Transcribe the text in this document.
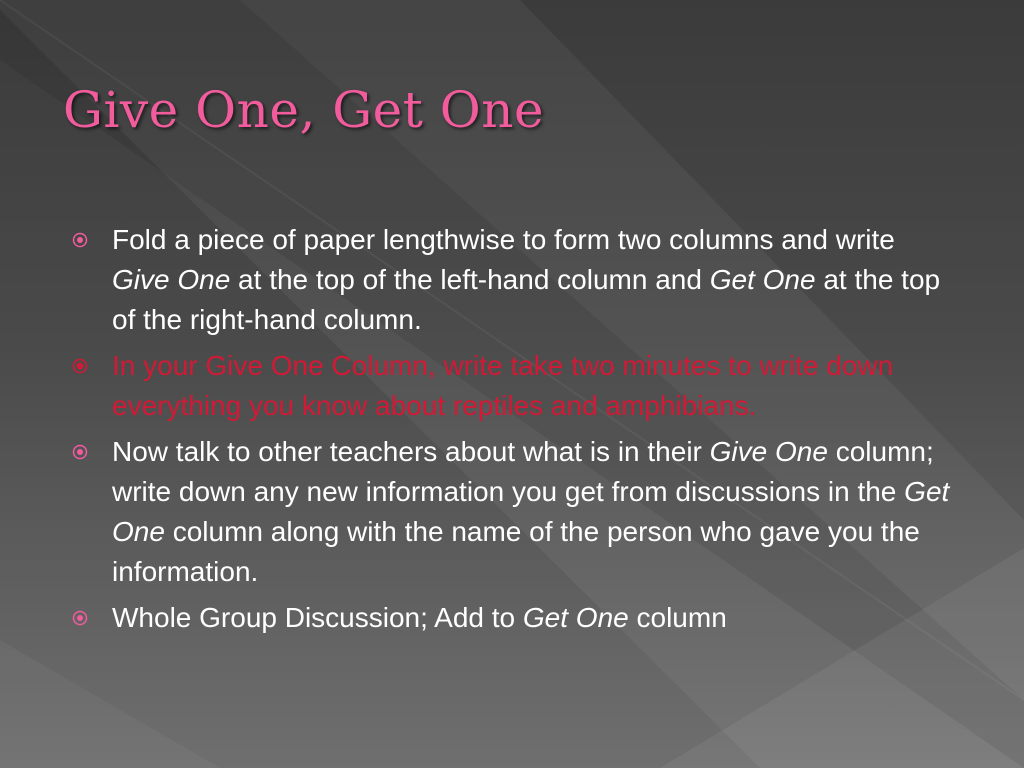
Give One, Get One
Fold a piece of paper lengthwise to form two columns and write Give One at the top of the left-hand column and Get One at the top of the right-hand column.
In your Give One Column, write take two minutes to write down everything you know about reptiles and amphibians.
Now talk to other teachers about what is in their Give One column; write down any new information you get from discussions in the Get One column along with the name of the person who gave you the information.
Whole Group Discussion; Add to Get One column
